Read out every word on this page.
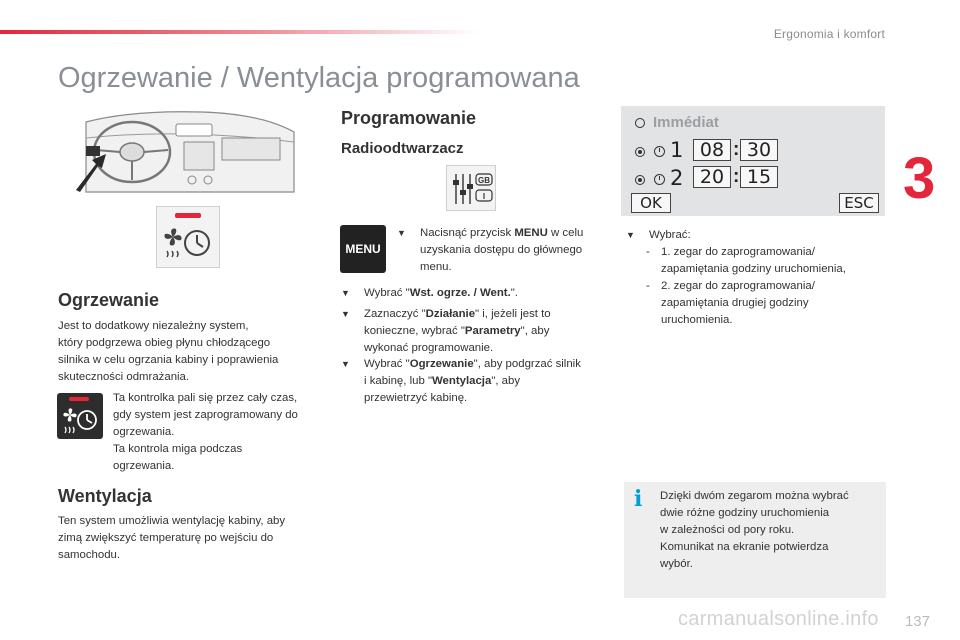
Ergonomia i komfort
3
Ogrzewanie / Wentylacja programowana
Ogrzewanie
Jest to dodatkowy niezależny system,
który podgrzewa obieg płynu chłodzącego
silnika w celu ogrzania kabiny i poprawienia
skuteczności odmrażania.
Ta kontrolka pali się przez cały czas,
gdy system jest zaprogramowany do
ogrzewania.
Ta kontrola miga podczas
ogrzewania.
Wentylacja
Ten system umożliwia wentylację kabiny, aby
zimą zwiększyć temperaturę po wejściu do
samochodu.
Programowanie
Radioodtwarzacz
GB
I
MENU
▼ Nacisnąć przycisk MENU w celu uzyskania dostępu do głównego menu.
▼ Wybrać "Wst. ogrze. / Went.".
▼ Zaznaczyć "Działanie" i, jeżeli jest to konieczne, wybrać "Parametry", aby wykonać programowanie.
▼ Wybrać "Ogrzewanie", aby podgrzać silnik i kabinę, lub "Wentylacja", aby przewietrzyć kabinę.
Immédiat
1 08 : 30
2 20 : 15
OK	ESC
▼ Wybrać:
- 1. zegar do zaprogramowania/ zapamiętania godziny uruchomienia,
- 2. zegar do zaprogramowania/ zapamiętania drugiej godziny uruchomienia.
i Dzięki dwóm zegarom można wybrać
dwie różne godziny uruchomienia
w zależności od pory roku.
Komunikat na ekranie potwierdza
wybór.
137
carmanualsonline.info
